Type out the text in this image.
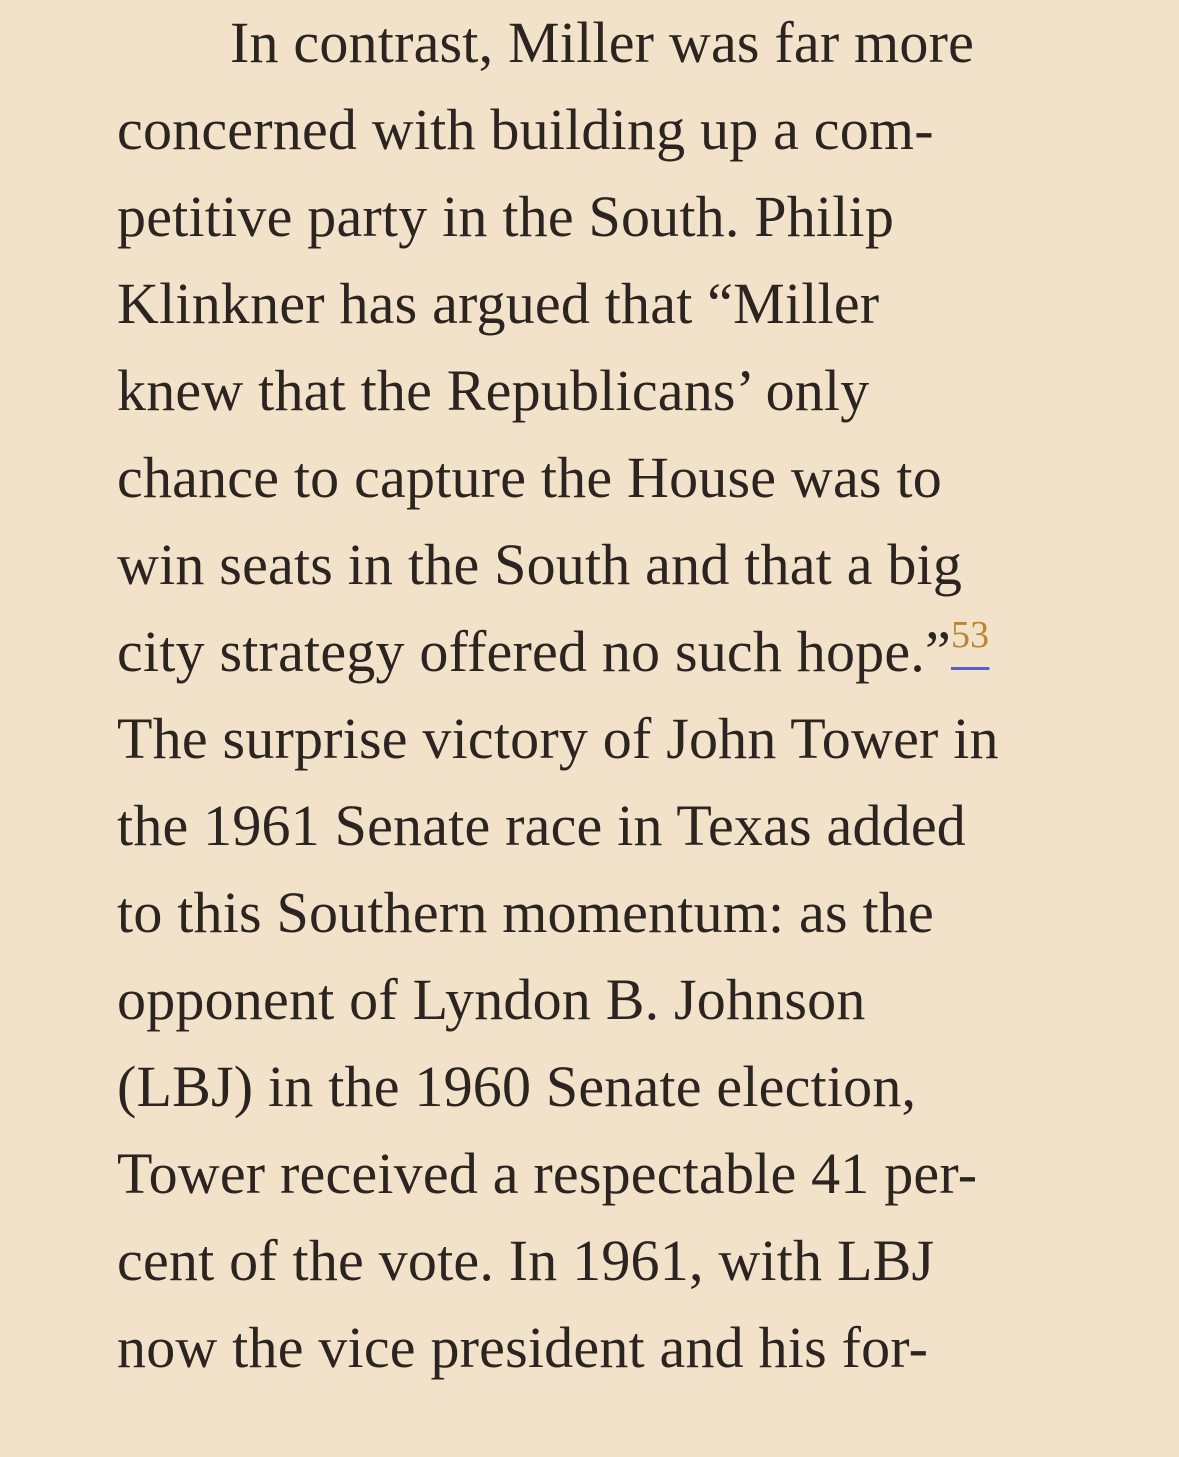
In contrast, Miller was far more
concerned with building up a com-
petitive party in the South. Philip
Klinkner has argued that “Miller
knew that the Republicans’ only
chance to capture the House was to
win seats in the South and that a big
city strategy offered no such hope.”$^{53}$
The surprise victory of John Tower in
the 1961 Senate race in Texas added
to this Southern momentum: as the
opponent of Lyndon B. Johnson
(LBJ) in the 1960 Senate election,
Tower received a respectable 41 per-
cent of the vote. In 1961, with LBJ
now the vice president and his for-
